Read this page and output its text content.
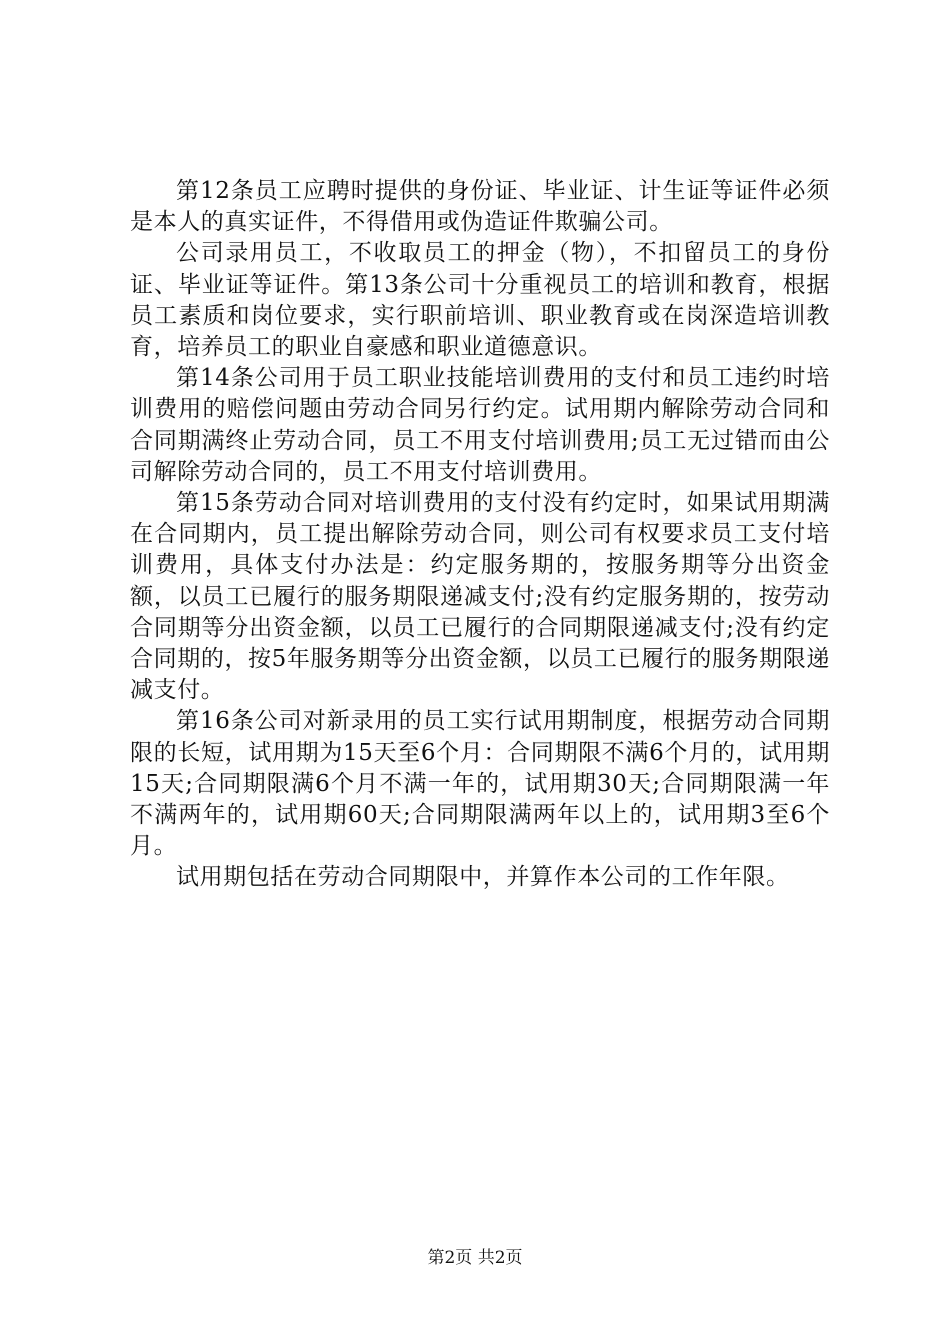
第12条员工应聘时提供的身份证、毕业证、计生证等证件必须是本人的真实证件，不得借用或伪造证件欺骗公司。

公司录用员工，不收取员工的押金（物），不扣留员工的身份证、毕业证等证件。第13条公司十分重视员工的培训和教育，根据员工素质和岗位要求，实行职前培训、职业教育或在岗深造培训教育，培养员工的职业自豪感和职业道德意识。

第14条公司用于员工职业技能培训费用的支付和员工违约时培训费用的赔偿问题由劳动合同另行约定。试用期内解除劳动合同和合同期满终止劳动合同，员工不用支付培训费用;员工无过错而由公司解除劳动合同的，员工不用支付培训费用。

第15条劳动合同对培训费用的支付没有约定时，如果试用期满在合同期内，员工提出解除劳动合同，则公司有权要求员工支付培训费用，具体支付办法是：约定服务期的，按服务期等分出资金额，以员工已履行的服务期限递减支付;没有约定服务期的，按劳动合同期等分出资金额，以员工已履行的合同期限递减支付;没有约定合同期的，按5年服务期等分出资金额，以员工已履行的服务期限递减支付。

第16条公司对新录用的员工实行试用期制度，根据劳动合同期限的长短，试用期为15天至6个月：合同期限不满6个月的，试用期15天;合同期限满6个月不满一年的，试用期30天;合同期限满一年不满两年的，试用期60天;合同期限满两年以上的，试用期3至6个月。

试用期包括在劳动合同期限中，并算作本公司的工作年限。

第2页 共2页
